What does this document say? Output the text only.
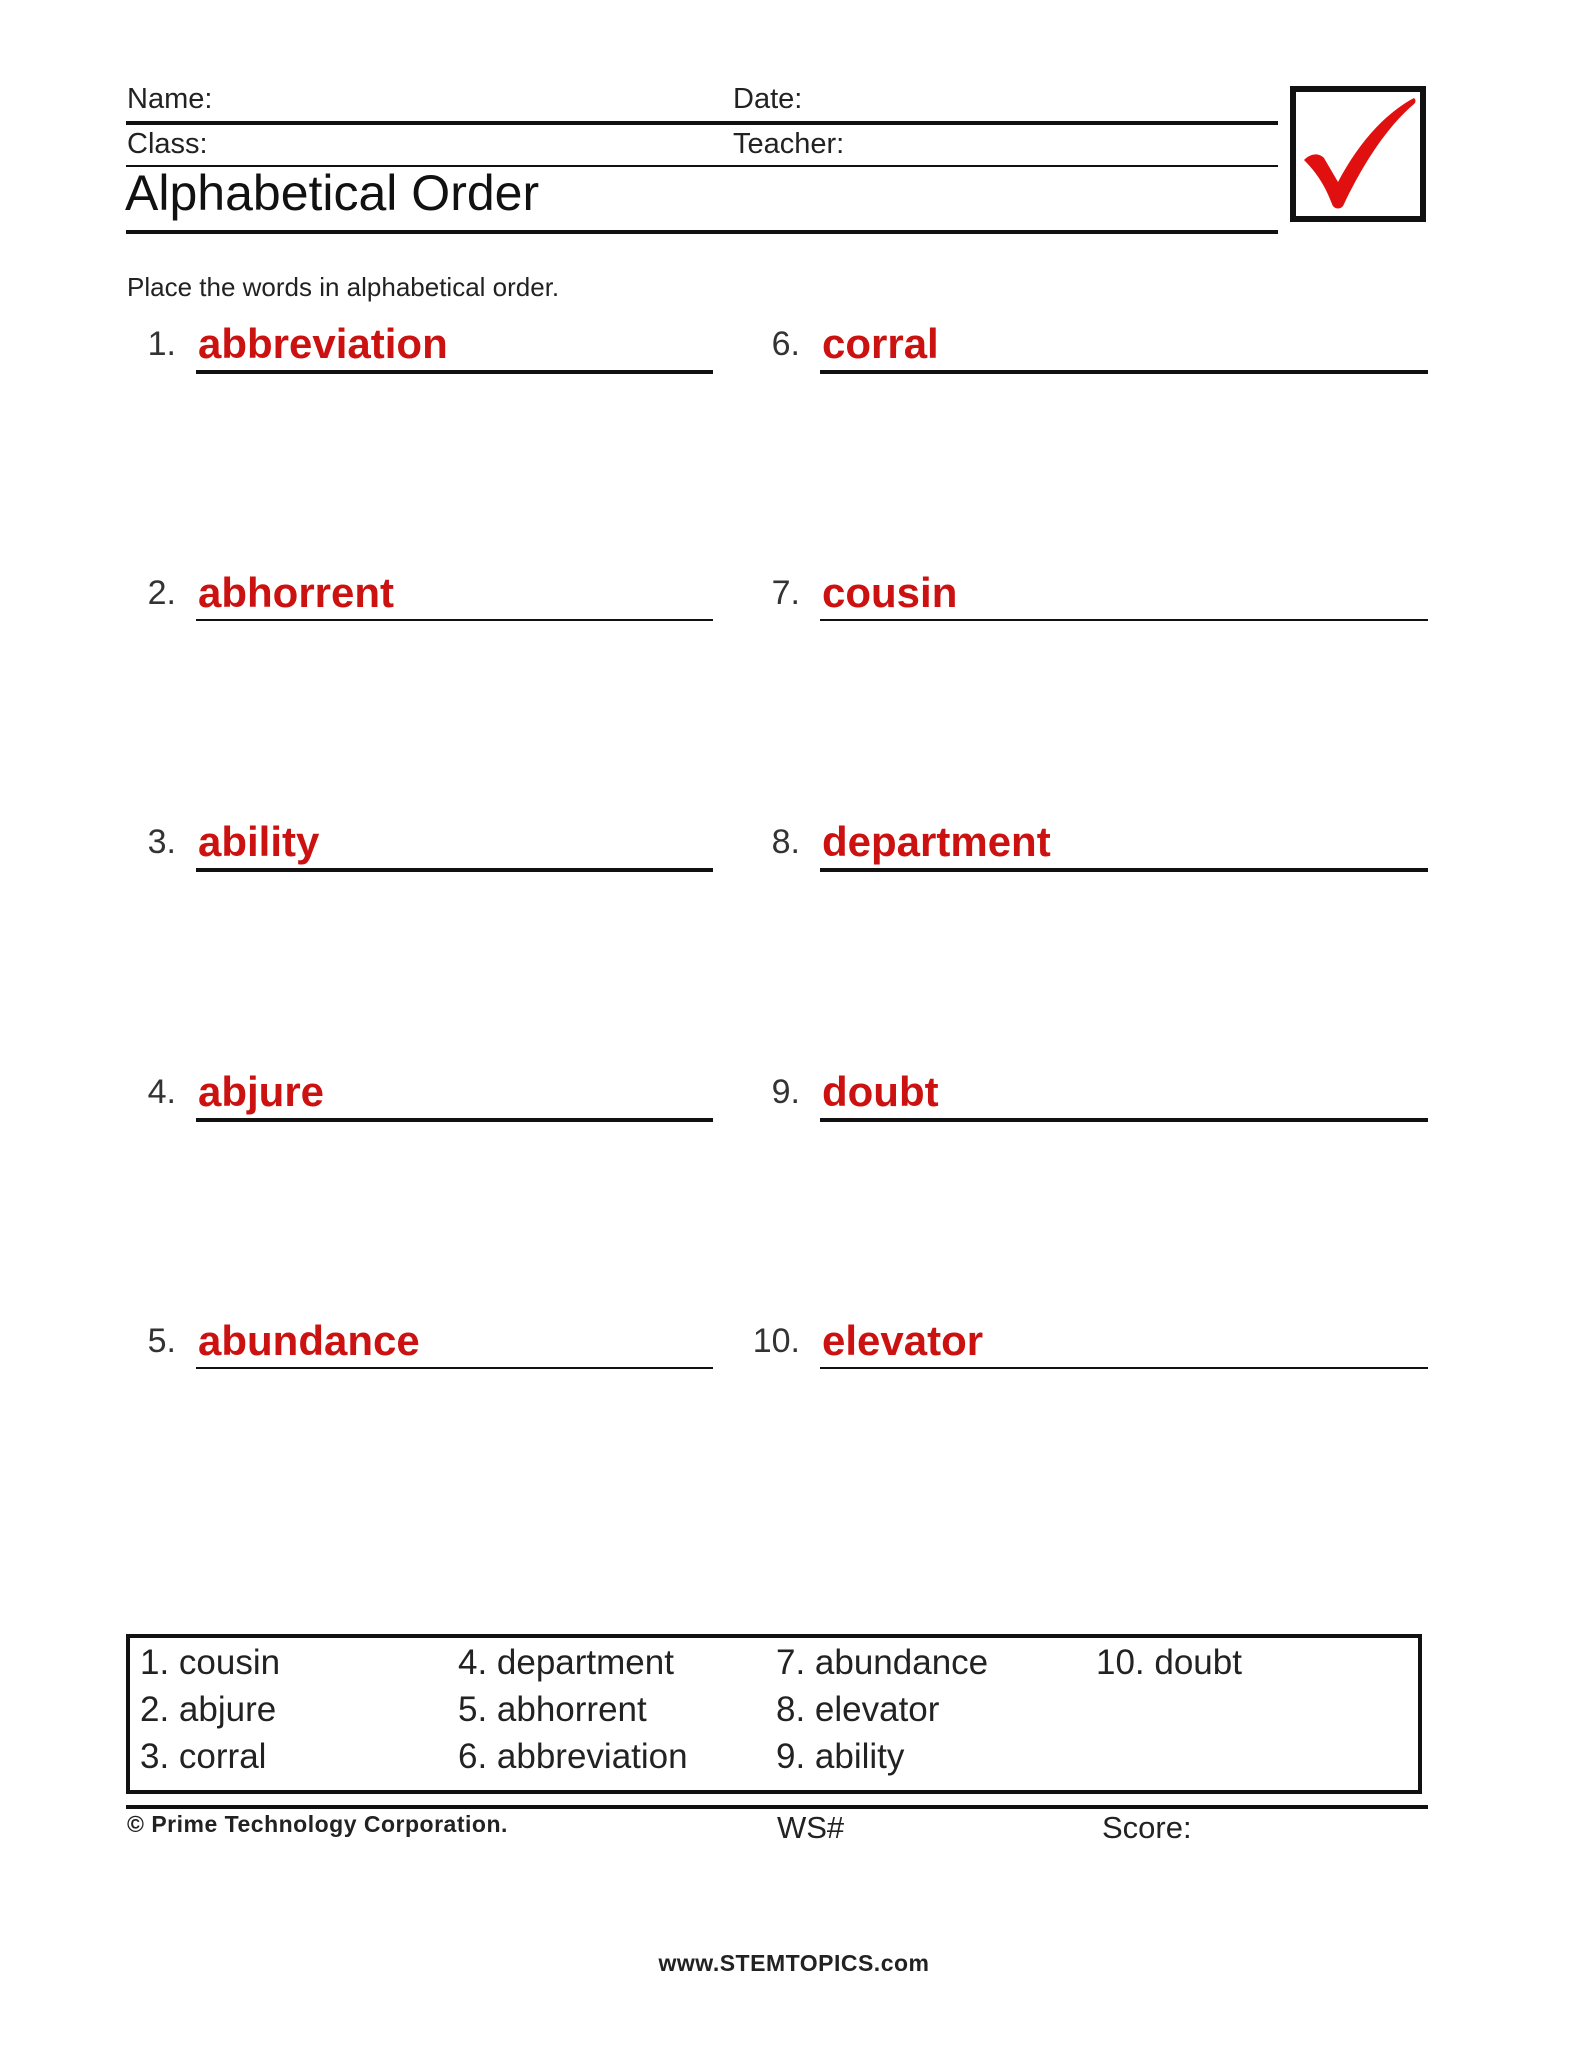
Name:	Date:
Class:	Teacher:
Alphabetical Order
Place the words in alphabetical order.
1. abbreviation
2. abhorrent
3. ability
4. abjure
5. abundance
6. corral
7. cousin
8. department
9. doubt
10. elevator
1. cousin
2. abjure
3. corral
4. department
5. abhorrent
6. abbreviation
7. abundance
8. elevator
9. ability
10. doubt
© Prime Technology Corporation.	WS#	Score:
www.STEMTOPICS.com
